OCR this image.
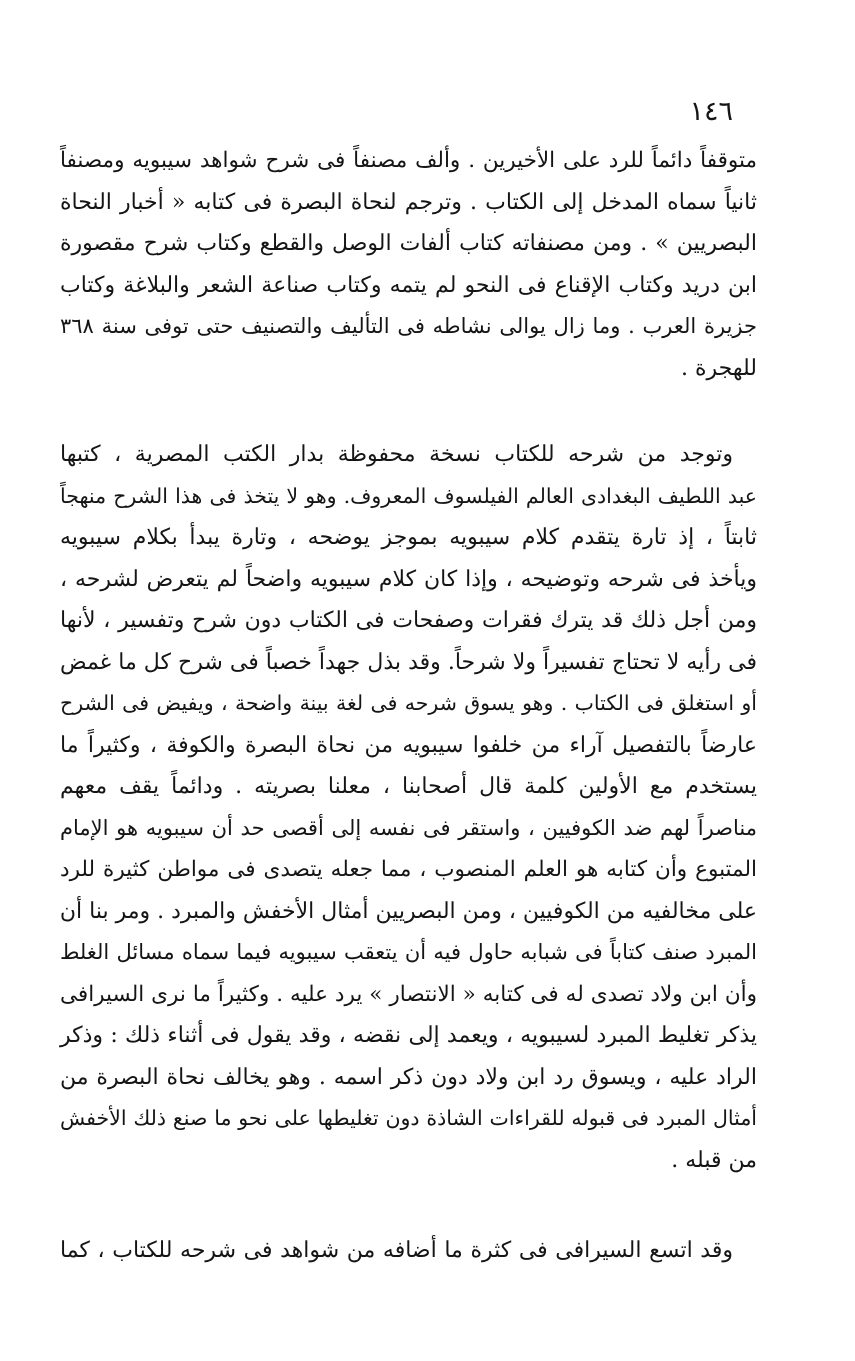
١٤٦
متوقفاً دائماً للرد على الأخيرين . وألف مصنفاً فى شرح شواهد سيبويه ومصنفاً
ثانياً سماه المدخل إلى الكتاب . وترجم لنحاة البصرة فى كتابه « أخبار النحاة
البصريين » . ومن مصنفاته كتاب ألفات الوصل والقطع وكتاب شرح مقصورة
ابن دريد وكتاب الإقناع فى النحو لم يتمه وكتاب صناعة الشعر والبلاغة وكتاب
جزيرة العرب . وما زال يوالى نشاطه فى التأليف والتصنيف حتى توفى سنة ٣٦٨
للهجرة .
وتوجد من شرحه للكتاب نسخة محفوظة بدار الكتب المصرية ، كتبها
عبد اللطيف البغدادى العالم الفيلسوف المعروف. وهو لا يتخذ فى هذا الشرح منهجاً
ثابتاً ، إذ تارة يتقدم كلام سيبويه بموجز يوضحه ، وتارة يبدأ بكلام سيبويه
ويأخذ فى شرحه وتوضيحه ، وإذا كان كلام سيبويه واضحاً لم يتعرض لشرحه ،
ومن أجل ذلك قد يترك فقرات وصفحات فى الكتاب دون شرح وتفسير ، لأنها
فى رأيه لا تحتاج تفسيراً ولا شرحاً. وقد بذل جهداً خصباً فى شرح كل ما غمض
أو استغلق فى الكتاب . وهو يسوق شرحه فى لغة بينة واضحة ، ويفيض فى الشرح
عارضاً بالتفصيل آراء من خلفوا سيبويه من نحاة البصرة والكوفة ، وكثيراً ما
يستخدم مع الأولين كلمة قال أصحابنا ، معلنا بصريته . ودائماً يقف معهم
مناصراً لهم ضد الكوفيين ، واستقر فى نفسه إلى أقصى حد أن سيبويه هو الإمام
المتبوع وأن كتابه هو العلم المنصوب ، مما جعله يتصدى فى مواطن كثيرة للرد
على مخالفيه من الكوفيين ، ومن البصريين أمثال الأخفش والمبرد . ومر بنا أن
المبرد صنف كتاباً فى شبابه حاول فيه أن يتعقب سيبويه فيما سماه مسائل الغلط
وأن ابن ولاد تصدى له فى كتابه « الانتصار » يرد عليه . وكثيراً ما نرى السيرافى
يذكر تغليط المبرد لسيبويه ، ويعمد إلى نقضه ، وقد يقول فى أثناء ذلك : وذكر
الراد عليه ، ويسوق رد ابن ولاد دون ذكر اسمه . وهو يخالف نحاة البصرة من
أمثال المبرد فى قبوله للقراءات الشاذة دون تغليطها على نحو ما صنع ذلك الأخفش
من قبله .
وقد اتسع السيرافى فى كثرة ما أضافه من شواهد فى شرحه للكتاب ، كما
